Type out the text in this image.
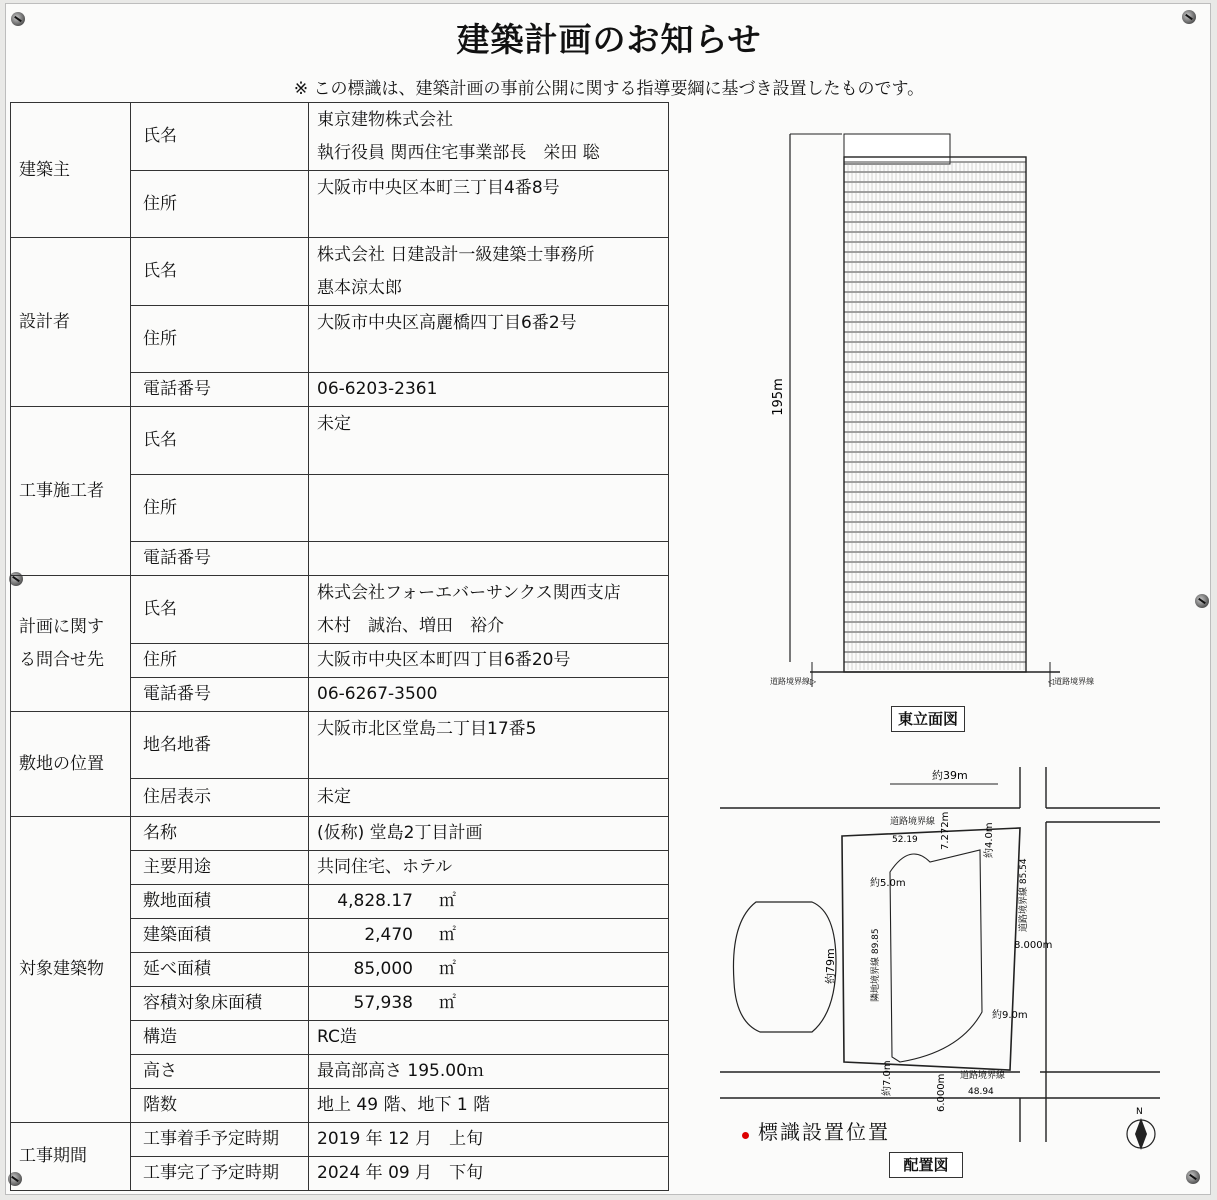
建築計画のお知らせ
※ この標識は、建築計画の事前公開に関する指導要綱に基づき設置したものです。
建築主	氏名	東京建物株式会社
執行役員 関西住宅事業部長　栄田 聡

	住所	大阪市中央区本町三丁目4番8号
設計者	氏名	株式会社 日建設計一級建築士事務所
惠本涼太郎

	住所	大阪市中央区高麗橋四丁目6番2号
	電話番号	06-6203-2361
工事施工者	氏名	未定
	住所	
	電話番号	

計画に関す
る問合せ先	氏名	株式会社フォーエバーサンクス関西支店
木村　誠治、増田　裕介

	住所	大阪市中央区本町四丁目6番20号
	電話番号	06-6267-3500
敷地の位置	地名地番	大阪市北区堂島二丁目17番5
	住居表示	未定
対象建築物	名称	(仮称) 堂島2丁目計画
	主要用途	共同住宅、ホテル
	敷地面積	4,828.17 ㎡
	建築面積	2,470 ㎡
	延べ面積	85,000 ㎡
	容積対象床面積	57,938 ㎡
	構造	RC造
	高さ	最高部高さ 195.00ｍ
	階数	地上 49 階、地下 1 階
工事期間	工事着手予定時期	2019 年 12 月　上旬
	工事完了予定時期	2024 年 09 月　下旬
195m
道路境界線▷	◁道路境界線
東立面図
約39m
道路境界線
52.19 7.272m	約4.0m
道路境界線 85.54
約5.0m
約79m	隣地境界線 89.85	8.000m
約9.0m
約7.0m	6.000m 道路境界線
48.94
N
標識設置位置
配置図
